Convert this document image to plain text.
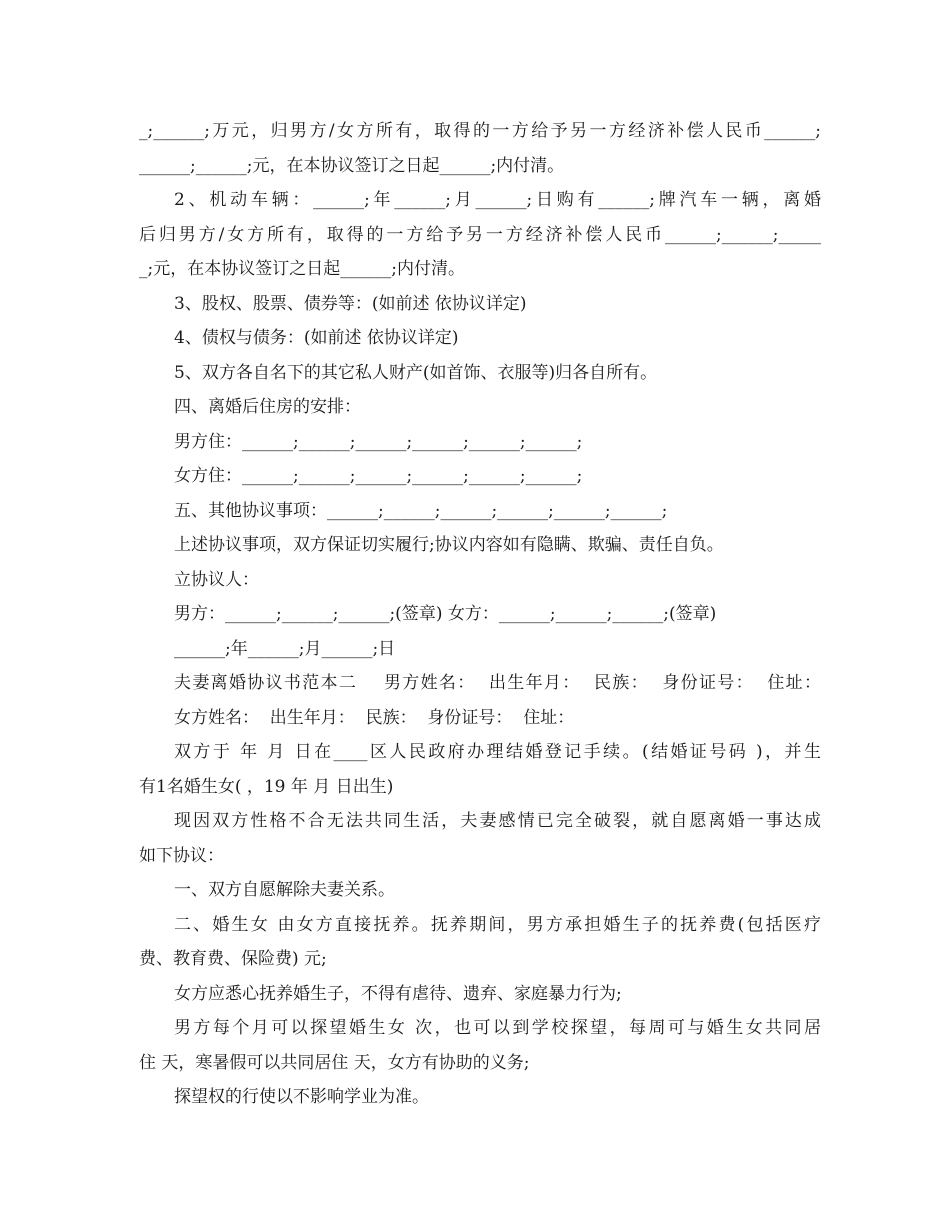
_;______;万元，归男方/女方所有，取得的一方给予另一方经济补偿人民币______;
______;______;元，在本协议签订之日起______;内付清。
2、机动车辆：______;年______;月______;日购有______;牌汽车一辆，离婚
后归男方/女方所有，取得的一方给予另一方经济补偿人民币______;______;_____
_;元，在本协议签订之日起______;内付清。
3、股权、股票、债券等：(如前述 依协议详定)
4、债权与债务：(如前述 依协议详定)
5、双方各自名下的其它私人财产(如首饰、衣服等)归各自所有。
四、离婚后住房的安排：
男方住：______;______;______;______;______;______;
女方住：______;______;______;______;______;______;
五、其他协议事项：______;______;______;______;______;______;
上述协议事项，双方保证切实履行;协议内容如有隐瞒、欺骗、责任自负。
立协议人：
男方：______;______;______;(签章) 女方：______;______;______;(签章)
______;年______;月______;日
夫妻离婚协议书范本二    男方姓名：  出生年月：  民族：  身份证号：  住址：
女方姓名：  出生年月：  民族：  身份证号：  住址：
双方于 年 月 日在____区人民政府办理结婚登记手续。(结婚证号码 )，并生
有1名婚生女( ，19 年 月 日出生)
现因双方性格不合无法共同生活，夫妻感情已完全破裂，就自愿离婚一事达成
如下协议：
一、双方自愿解除夫妻关系。
二、婚生女 由女方直接抚养。抚养期间，男方承担婚生子的抚养费(包括医疗
费、教育费、保险费) 元;
女方应悉心抚养婚生子，不得有虐待、遗弃、家庭暴力行为;
男方每个月可以探望婚生女 次，也可以到学校探望，每周可与婚生女共同居
住 天，寒暑假可以共同居住 天，女方有协助的义务;
探望权的行使以不影响学业为准。
